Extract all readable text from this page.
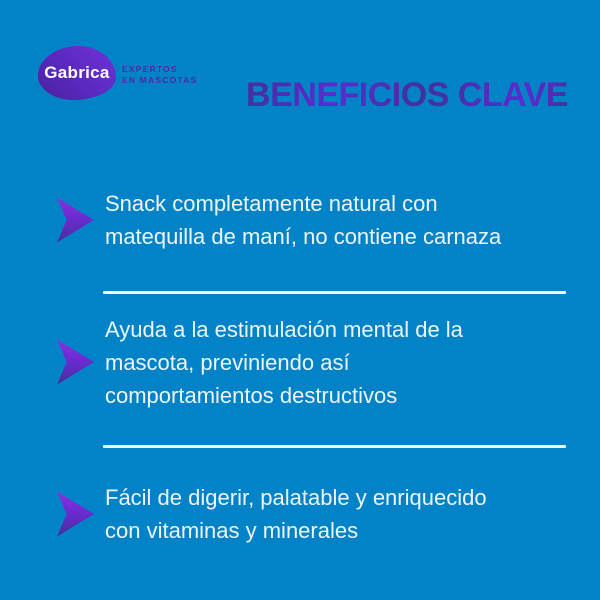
Gabrica EXPERTOS
EN MASCOTAS BENEFICIOS CLAVE
Snack completamente natural con
matequilla de maní, no contiene carnaza
Ayuda a la estimulación mental de la
mascota, previniendo así
comportamientos destructivos
Fácil de digerir, palatable y enriquecido
con vitaminas y minerales
